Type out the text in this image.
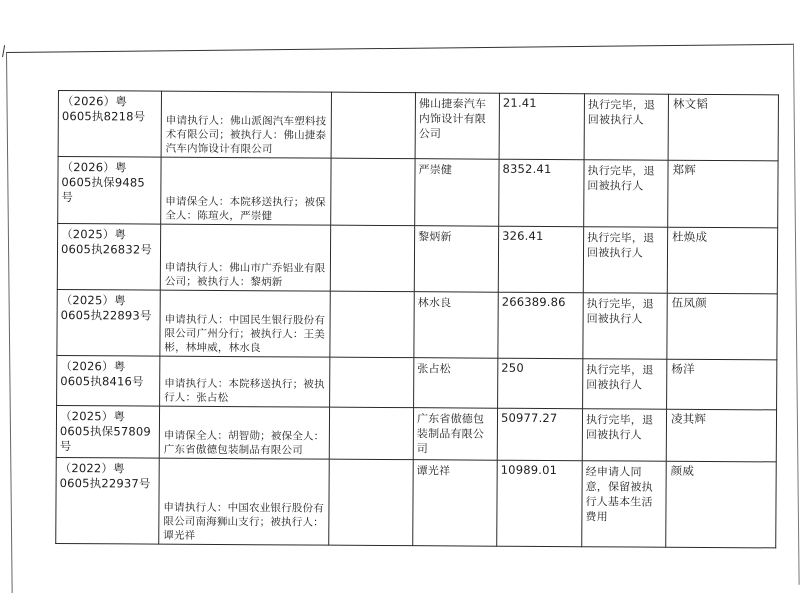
（2026）粤0605执8218号	申请执行人：佛山派阁汽车塑料技术有限公司；被执行人：佛山捷泰汽车内饰设计有限公司		佛山捷泰汽车内饰设计有限公司	21.41	执行完毕，退回被执行人	林文韬
（2026）粤0605执保9485号	申请保全人：本院移送执行；被保全人：陈瑄火，严崇健		严崇健	8352.41	执行完毕，退回被执行人	郑辉
（2025）粤0605执26832号	申请执行人：佛山市广乔铝业有限公司；被执行人：黎炳新		黎炳新	326.41	执行完毕，退回被执行人	杜焕成
（2025）粤0605执22893号	申请执行人：中国民生银行股份有限公司广州分行；被执行人：王美彬，林坤威，林水良		林水良	266389.86	执行完毕，退回被执行人	伍凤颜
（2026）粤0605执8416号	申请执行人：本院移送执行；被执行人：张占松		张占松	250	执行完毕，退回被执行人	杨洋
（2025）粤0605执保57809号	申请保全人：胡智勋；被保全人：广东省傲德包装制品有限公司		广东省傲德包装制品有限公司	50977.27	执行完毕，退回被执行人	凌其辉
（2022）粤0605执22937号	申请执行人：中国农业银行股份有限公司南海狮山支行；被执行人：谭光祥		谭光祥	10989.01	经申请人同意，保留被执行人基本生活费用	颜威
